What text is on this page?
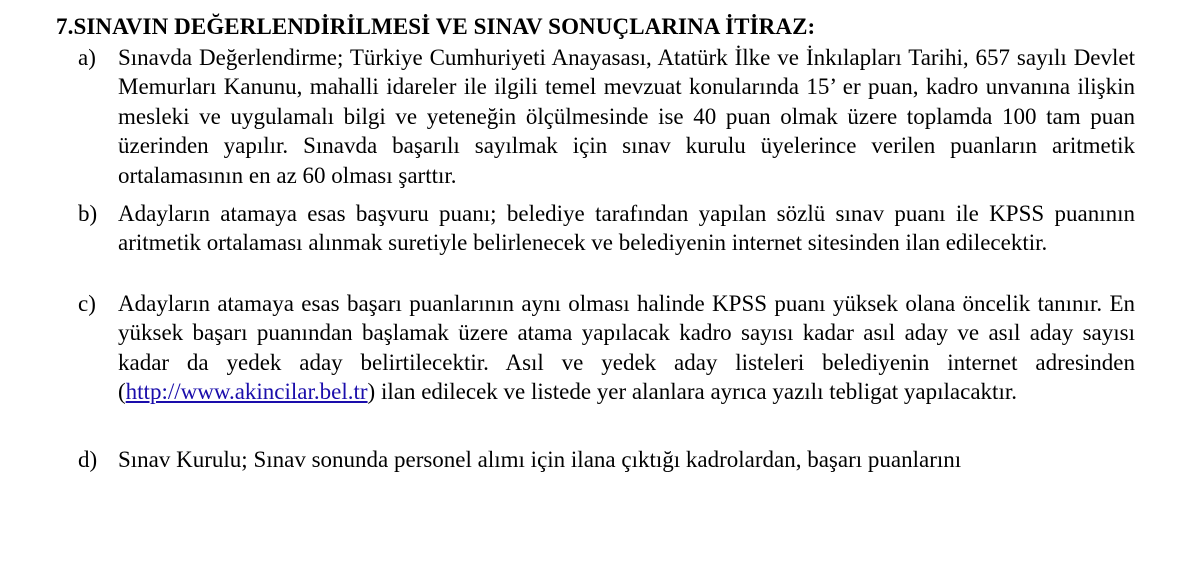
7.SINAVIN DEĞERLENDİRİLMESİ VE SINAV SONUÇLARINA İTİRAZ:
a) Sınavda Değerlendirme; Türkiye Cumhuriyeti Anayasası, Atatürk İlke ve İnkılapları Tarihi, 657 sayılı Devlet Memurları Kanunu, mahalli idareler ile ilgili temel mevzuat konularında 15’ er puan, kadro unvanına ilişkin mesleki ve uygulamalı bilgi ve yeteneğin ölçülmesinde ise 40 puan olmak üzere toplamda 100 tam puan üzerinden yapılır. Sınavda başarılı sayılmak için sınav kurulu üyelerince verilen puanların aritmetik ortalamasının en az 60 olması şarttır.
b) Adayların atamaya esas başvuru puanı; belediye tarafından yapılan sözlü sınav puanı ile KPSS puanının aritmetik ortalaması alınmak suretiyle belirlenecek ve belediyenin internet sitesinden ilan edilecektir.
c) Adayların atamaya esas başarı puanlarının aynı olması halinde KPSS puanı yüksek olana öncelik tanınır. En yüksek başarı puanından başlamak üzere atama yapılacak kadro sayısı kadar asıl aday ve asıl aday sayısı kadar da yedek aday belirtilecektir. Asıl ve yedek aday listeleri belediyenin internet adresinden (http://www.akincilar.bel.tr) ilan edilecek ve listede yer alanlara ayrıca yazılı tebligat yapılacaktır.
d) Sınav Kurulu; Sınav sonunda personel alımı için ilana çıktığı kadrolardan, başarı puanlarını
